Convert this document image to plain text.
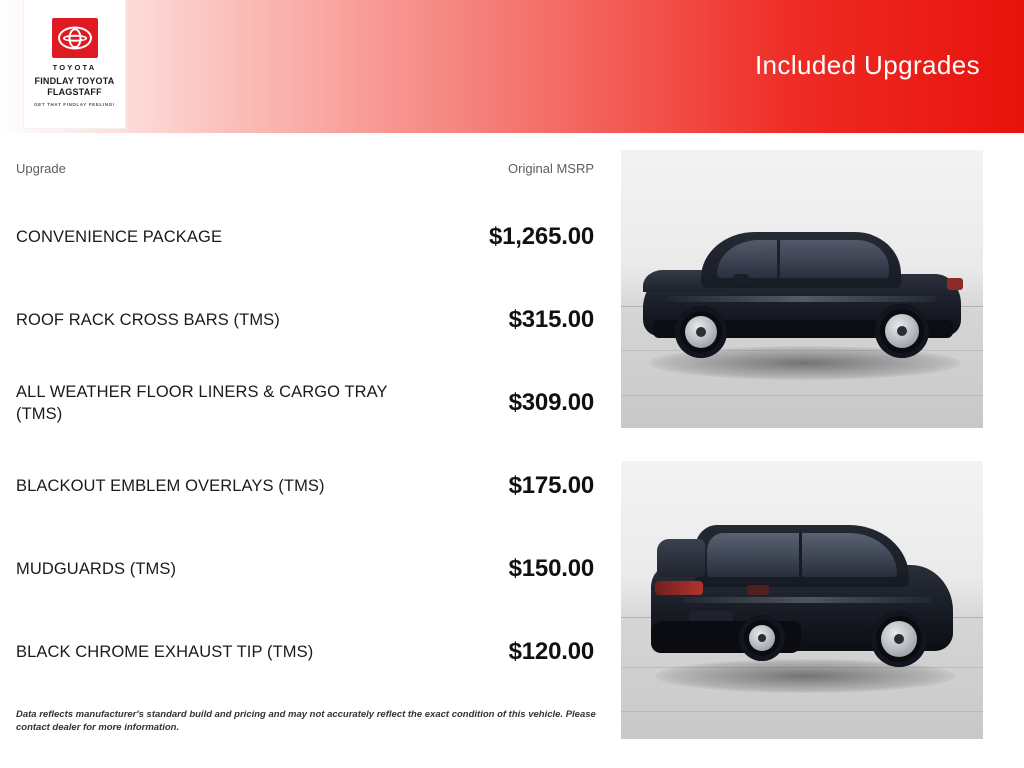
Included Upgrades
TOYOTA
FINDLAY TOYOTA
FLAGSTAFF
GET THAT FINDLAY FEELING!
Upgrade	Original MSRP
CONVENIENCE PACKAGE	$1,265.00
ROOF RACK CROSS BARS (TMS)	$315.00
ALL WEATHER FLOOR LINERS & CARGO TRAY (TMS)	$309.00
BLACKOUT EMBLEM OVERLAYS (TMS)	$175.00
MUDGUARDS (TMS)	$150.00
BLACK CHROME EXHAUST TIP (TMS)	$120.00
Data reflects manufacturer's standard build and pricing and may not accurately reflect the exact condition of this vehicle. Please contact dealer for more information.
